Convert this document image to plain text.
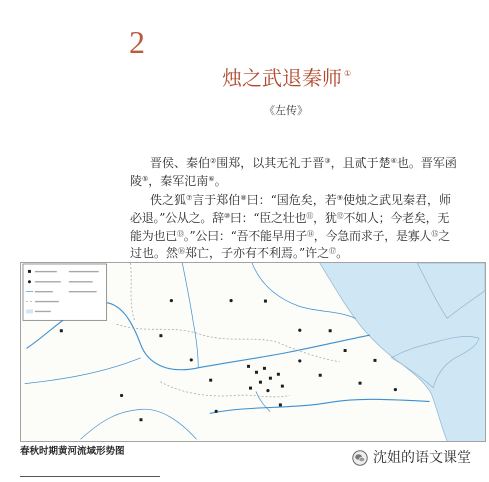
2
烛之武退秦师 ①
《左传》
晋侯、秦伯②围郑，以其无礼于晋③，且贰于楚④也。晋军函
陵⑤，秦军氾南⑥。
佚之狐⑦言于郑伯⑧曰：“国危矣，若⑨使烛之武见秦君，师
必退。”公从之。辞⑩曰：“臣之壮也⑪，犹⑫不如人；今老矣，无
能为也已⑬。”公曰：“吾不能早用子⑭，今急而求子，是寡人⑮之
过也。然⑯郑亡，子亦有不利焉。”许之⑰。
春秋时期黄河流域形势图	沈姐的语文课堂
